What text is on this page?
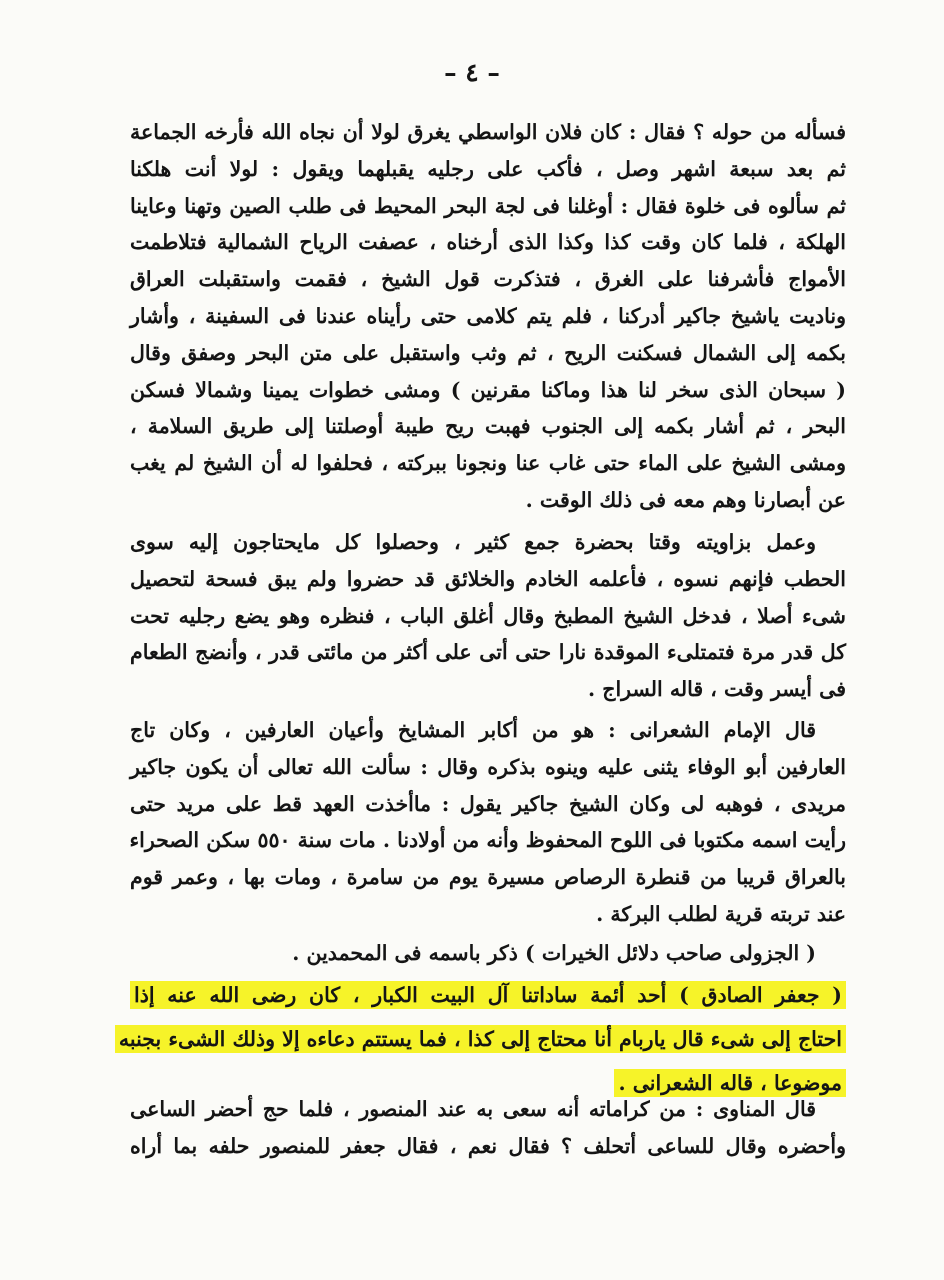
– ٤ –
فسأله من حوله ؟ فقال : كان فلان الواسطي يغرق لولا أن نجاه الله فأرخه الجماعة
ثم بعد سبعة اشهر وصل ، فأكب على رجليه يقبلهما ويقول : لولا أنت هلكنا
ثم سألوه فى خلوة فقال : أوغلنا فى لجة البحر المحيط فى طلب الصين وتهنا وعاينا
الهلكة ، فلما كان وقت كذا وكذا الذى أرخناه ، عصفت الرياح الشمالية فتلاطمت
الأمواج فأشرفنا على الغرق ، فتذكرت قول الشيخ ، فقمت واستقبلت العراق
وناديت ياشيخ جاكير أدركنا ، فلم يتم كلامى حتى رأيناه عندنا فى السفينة ، وأشار
بكمه إلى الشمال فسكنت الريح ، ثم وثب واستقبل على متن البحر وصفق وقال
( سبحان الذى سخر لنا هذا وماكنا مقرنين ) ومشى خطوات يمينا وشمالا فسكن
البحر ، ثم أشار بكمه إلى الجنوب فهبت ريح طيبة أوصلتنا إلى طريق السلامة ،
ومشى الشيخ على الماء حتى غاب عنا ونجونا ببركته ، فحلفوا له أن الشيخ لم يغب
عن أبصارنا وهم معه فى ذلك الوقت .
وعمل بزاويته وقتا بحضرة جمع كثير ، وحصلوا كل مايحتاجون إليه سوى
الحطب فإنهم نسوه ، فأعلمه الخادم والخلائق قد حضروا ولم يبق فسحة لتحصيل
شىء أصلا ، فدخل الشيخ المطبخ وقال أغلق الباب ، فنظره وهو يضع رجليه تحت
كل قدر مرة فتمتلىء الموقدة نارا حتى أتى على أكثر من مائتى قدر ، وأنضج الطعام
فى أيسر وقت ، قاله السراج .
قال الإمام الشعرانى : هو من أكابر المشايخ وأعيان العارفين ، وكان تاج
العارفين أبو الوفاء يثنى عليه وينوه بذكره وقال : سألت الله تعالى أن يكون جاكير
مريدى ، فوهبه لى وكان الشيخ جاكير يقول : ماأخذت العهد قط على مريد حتى
رأيت اسمه مكتوبا فى اللوح المحفوظ وأنه من أولادنا . مات سنة ٥٥٠ سكن الصحراء
بالعراق قريبا من قنطرة الرصاص مسيرة يوم من سامرة ، ومات بها ، وعمر قوم
عند تربته قرية لطلب البركة .
( الجزولى صاحب دلائل الخيرات ) ذكر باسمه فى المحمدين .
( جعفر الصادق ) أحد أئمة ساداتنا آل البيت الكبار ، كان رضى الله عنه إذا
احتاج إلى شىء قال ياربام أنا محتاج إلى كذا ، فما يستتم دعاءه إلا وذلك الشىء بجنبه
موضوعا ، قاله الشعرانى .
قال المناوى : من كراماته أنه سعى به عند المنصور ، فلما حج أحضر الساعى
وأحضره وقال للساعى أتحلف ؟ فقال نعم ، فقال جعفر للمنصور حلفه بما أراه
